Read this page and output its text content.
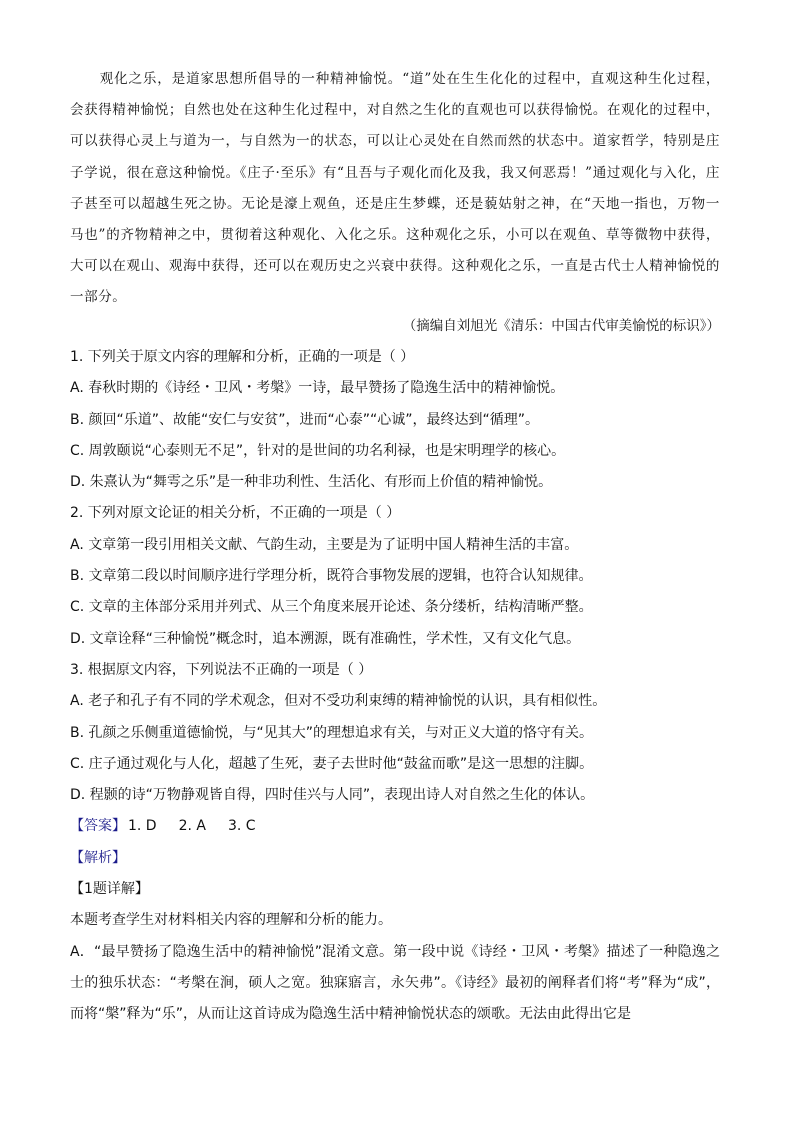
观化之乐，是道家思想所倡导的一种精神愉悦。“道”处在生生化化的过程中，直观这种生化过程，会获得精神愉悦；自然也处在这种生化过程中，对自然之生化的直观也可以获得愉悦。在观化的过程中，可以获得心灵上与道为一，与自然为一的状态，可以让心灵处在自然而然的状态中。道家哲学，特别是庄子学说，很在意这种愉悦。《庄子·至乐》有“且吾与子观化而化及我，我又何恶焉！”通过观化与入化，庄子甚至可以超越生死之协。无论是濠上观鱼，还是庄生梦蝶，还是藐姑射之神，在“天地一指也，万物一马也”的齐物精神之中，贯彻着这种观化、入化之乐。这种观化之乐，小可以在观鱼、草等微物中获得，大可以在观山、观海中获得，还可以在观历史之兴衰中获得。这种观化之乐，一直是古代士人精神愉悦的一部分。

（摘编自刘旭光《清乐：中国古代审美愉悦的标识》）
1. 下列关于原文内容的理解和分析，正确的一项是（ ）
A. 春秋时期的《诗经・卫风・考槃》一诗，最早赞扬了隐逸生活中的精神愉悦。
B. 颜回“乐道”、故能“安仁与安贫”，进而“心泰”“心诚”，最终达到“循理”。
C. 周敦颐说“心泰则无不足”，针对的是世间的功名利禄，也是宋明理学的核心。
D. 朱熹认为“舞雩之乐”是一种非功利性、生活化、有形而上价值的精神愉悦。
2. 下列对原文论证的相关分析，不正确的一项是（ ）
A. 文章第一段引用相关文献、气韵生动，主要是为了证明中国人精神生活的丰富。
B. 文章第二段以时间顺序进行学理分析，既符合事物发展的逻辑，也符合认知规律。
C. 文章的主体部分采用并列式、从三个角度来展开论述、条分缕析，结构清晰严整。
D. 文章诠释“三种愉悦”概念时，追本溯源，既有准确性，学术性，又有文化气息。
3. 根据原文内容，下列说法不正确的一项是（ ）
A. 老子和孔子有不同的学术观念，但对不受功利束缚的精神愉悦的认识，具有相似性。
B. 孔颜之乐侧重道德愉悦，与“见其大”的理想追求有关，与对正义大道的恪守有关。
C. 庄子通过观化与人化，超越了生死，妻子去世时他“鼓盆而歌”是这一思想的注脚。
D. 程颢的诗“万物静观皆自得，四时佳兴与人同”，表现出诗人对自然之生化的体认。
【答案】 1. D 2. A 3. C
【解析】
【1题详解】
本题考查学生对材料相关内容的理解和分析的能力。
A．“最早赞扬了隐逸生活中的精神愉悦”混淆文意。第一段中说《诗经・卫风・考槃》描述了一种隐逸之士的独乐状态：“考槃在涧，硕人之宽。独寐寤言，永矢弗”。《诗经》最初的阐释者们将“考”释为“成”，而将“槃”释为“乐”，从而让这首诗成为隐逸生活中精神愉悦状态的颂歌。无法由此得出它是
